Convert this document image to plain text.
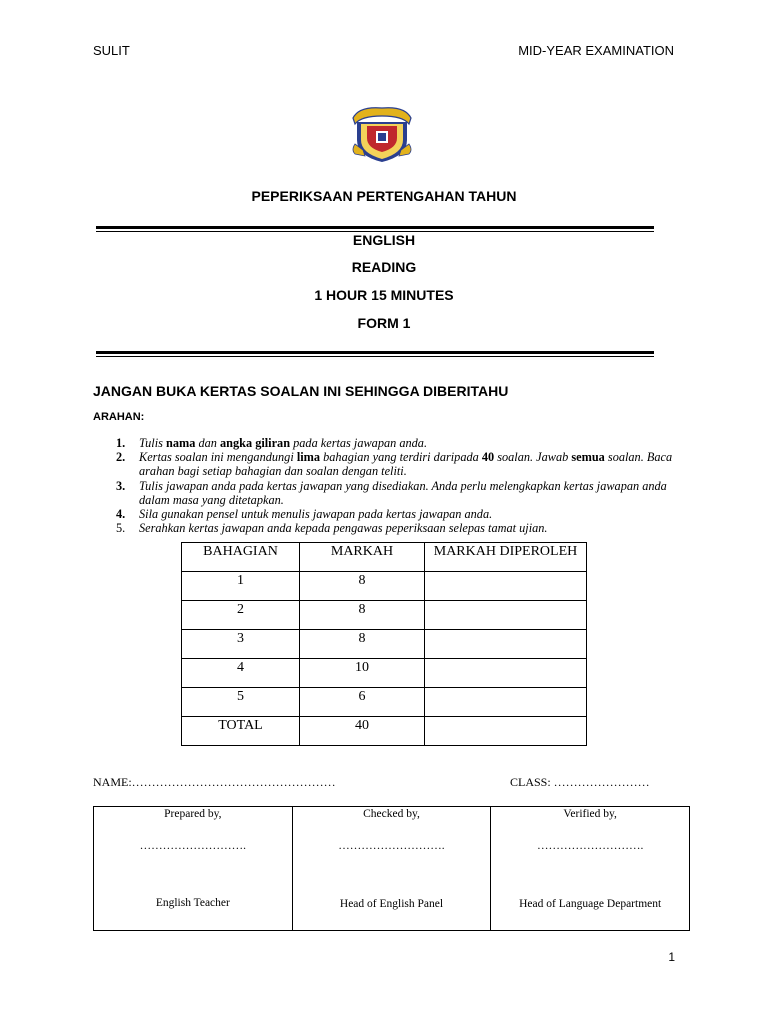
SULIT	MID-YEAR EXAMINATION
PEPERIKSAAN PERTENGAHAN TAHUN
ENGLISH
READING
1 HOUR 15 MINUTES
FORM 1
JANGAN BUKA KERTAS SOALAN INI SEHINGGA DIBERITAHU
ARAHAN:
1. Tulis nama dan angka giliran pada kertas jawapan anda.
2. Kertas soalan ini mengandungi lima bahagian yang terdiri daripada 40 soalan. Jawab semua soalan. Baca arahan bagi setiap bahagian dan soalan dengan teliti.
3. Tulis jawapan anda pada kertas jawapan yang disediakan. Anda perlu melengkapkan kertas jawapan anda dalam masa yang ditetapkan.
4. Sila gunakan pensel untuk menulis jawapan pada kertas jawapan anda.
5. Serahkan kertas jawapan anda kepada pengawas peperiksaan selepas tamat ujian.
BAHAGIAN	MARKAH	MARKAH DIPEROLEH
1	8	
2	8	
3	8	
4	10	
5	6	
TOTAL	40	
NAME:……………………………………………	CLASS: ……………………
Prepared by,
……………………….
English Teacher

Checked by,
……………………….
Head of English Panel

Verified by,
……………………….
Head of Language Department
1
